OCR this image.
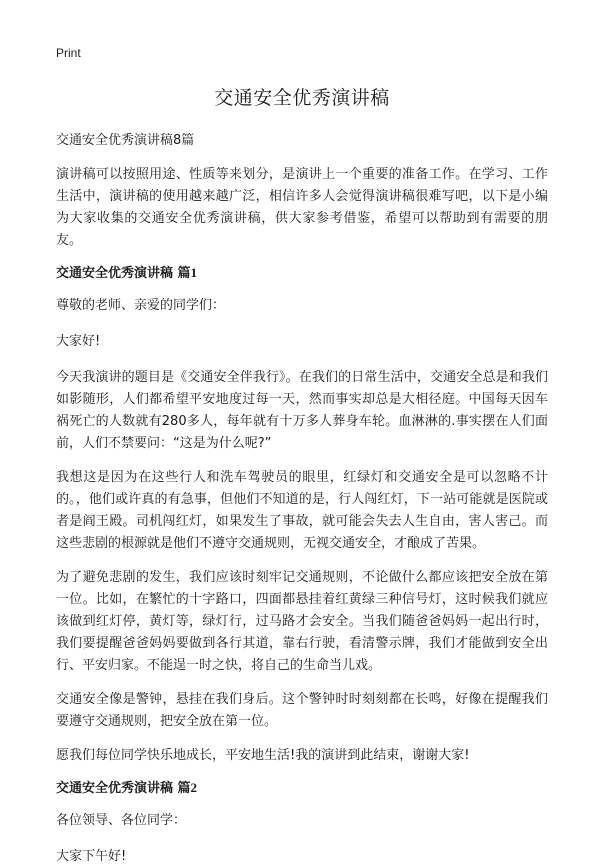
Print
交通安全优秀演讲稿
交通安全优秀演讲稿8篇

演讲稿可以按照用途、性质等来划分，是演讲上一个重要的准备工作。在学习、工作生活中，演讲稿的使用越来越广泛，相信许多人会觉得演讲稿很难写吧，以下是小编为大家收集的交通安全优秀演讲稿，供大家参考借鉴，希望可以帮助到有需要的朋友。

交通安全优秀演讲稿 篇1

尊敬的老师、亲爱的同学们：

大家好!

今天我演讲的题目是《交通安全伴我行》。在我们的日常生活中，交通安全总是和我们如影随形，人们都希望平安地度过每一天，然而事实却总是大相径庭。中国每天因车祸死亡的人数就有280多人，每年就有十万多人葬身车轮。血淋淋的.事实摆在人们面前，人们不禁要问：“这是为什么呢?”

我想这是因为在这些行人和洗车驾驶员的眼里，红绿灯和交通安全是可以忽略不计的。，他们或许真的有急事，但他们不知道的是，行人闯红灯，下一站可能就是医院或者是阎王殿。司机闯红灯，如果发生了事故，就可能会失去人生自由，害人害己。而这些悲剧的根源就是他们不遵守交通规则，无视交通安全，才酿成了苦果。

为了避免悲剧的发生，我们应该时刻牢记交通规则，不论做什么都应该把安全放在第一位。比如，在繁忙的十字路口，四面都悬挂着红黄绿三种信号灯，这时候我们就应该做到红灯停，黄灯等，绿灯行，过马路才会安全。当我们随爸爸妈妈一起出行时，我们要提醒爸爸妈妈要做到各行其道，靠右行驶，看清警示牌，我们才能做到安全出行、平安归家。不能逞一时之快，将自己的生命当儿戏。

交通安全像是警钟，悬挂在我们身后。这个警钟时时刻刻都在长鸣，好像在提醒我们要遵守交通规则，把安全放在第一位。

愿我们每位同学快乐地成长，平安地生活!我的演讲到此结束，谢谢大家!

交通安全优秀演讲稿 篇2

各位领导、各位同学：

大家下午好!
